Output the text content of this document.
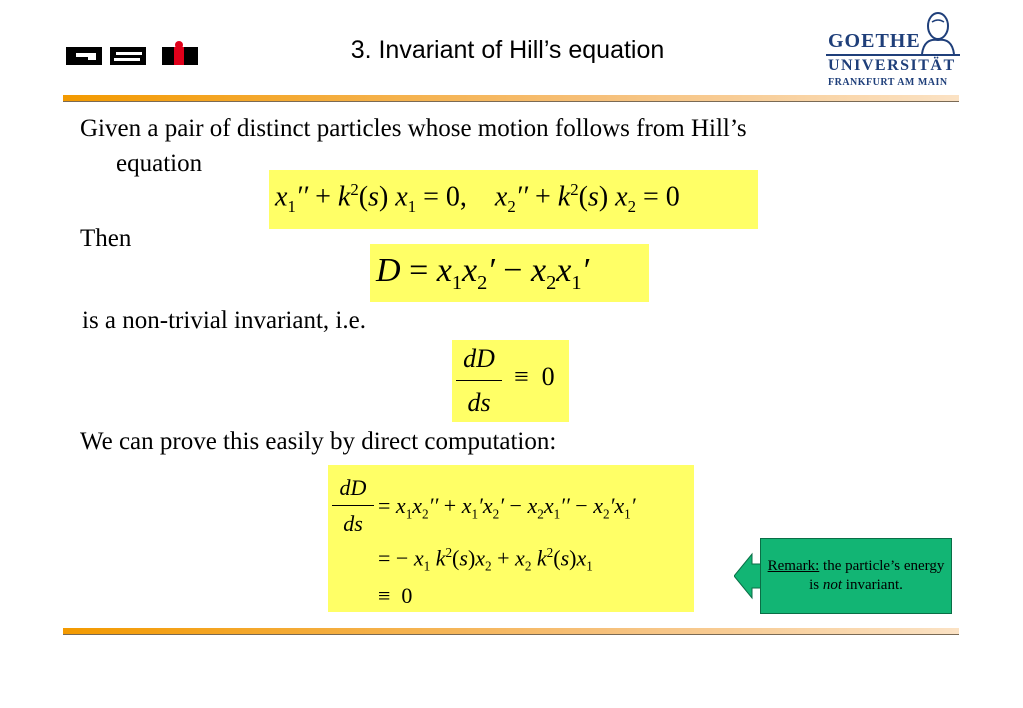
3. Invariant of Hill’s equation	GOETHE
UNIVERSITÄT
FRANKFURT AM MAIN
Given a pair of distinct particles whose motion follows from Hill’s
equation
$x_1'' + k^2(s) x_1 = 0$,    $x_2'' + k^2(s) x_2 = 0$
Then
$D = x_1x_2' - x_2x_1'$
is a non-trivial invariant, i.e.
dD
ds
≡  0
We can prove this easily by direct computation:
dD
ds
= $x_1x_2'' + x_1'x_2' - x_2x_1'' - x_2'x_1'$
= − $x_1$ $k^2(s)x_2 + x_2$ $k^2(s)x_1$
≡  0
Remark: the particle’s energy is not invariant.
